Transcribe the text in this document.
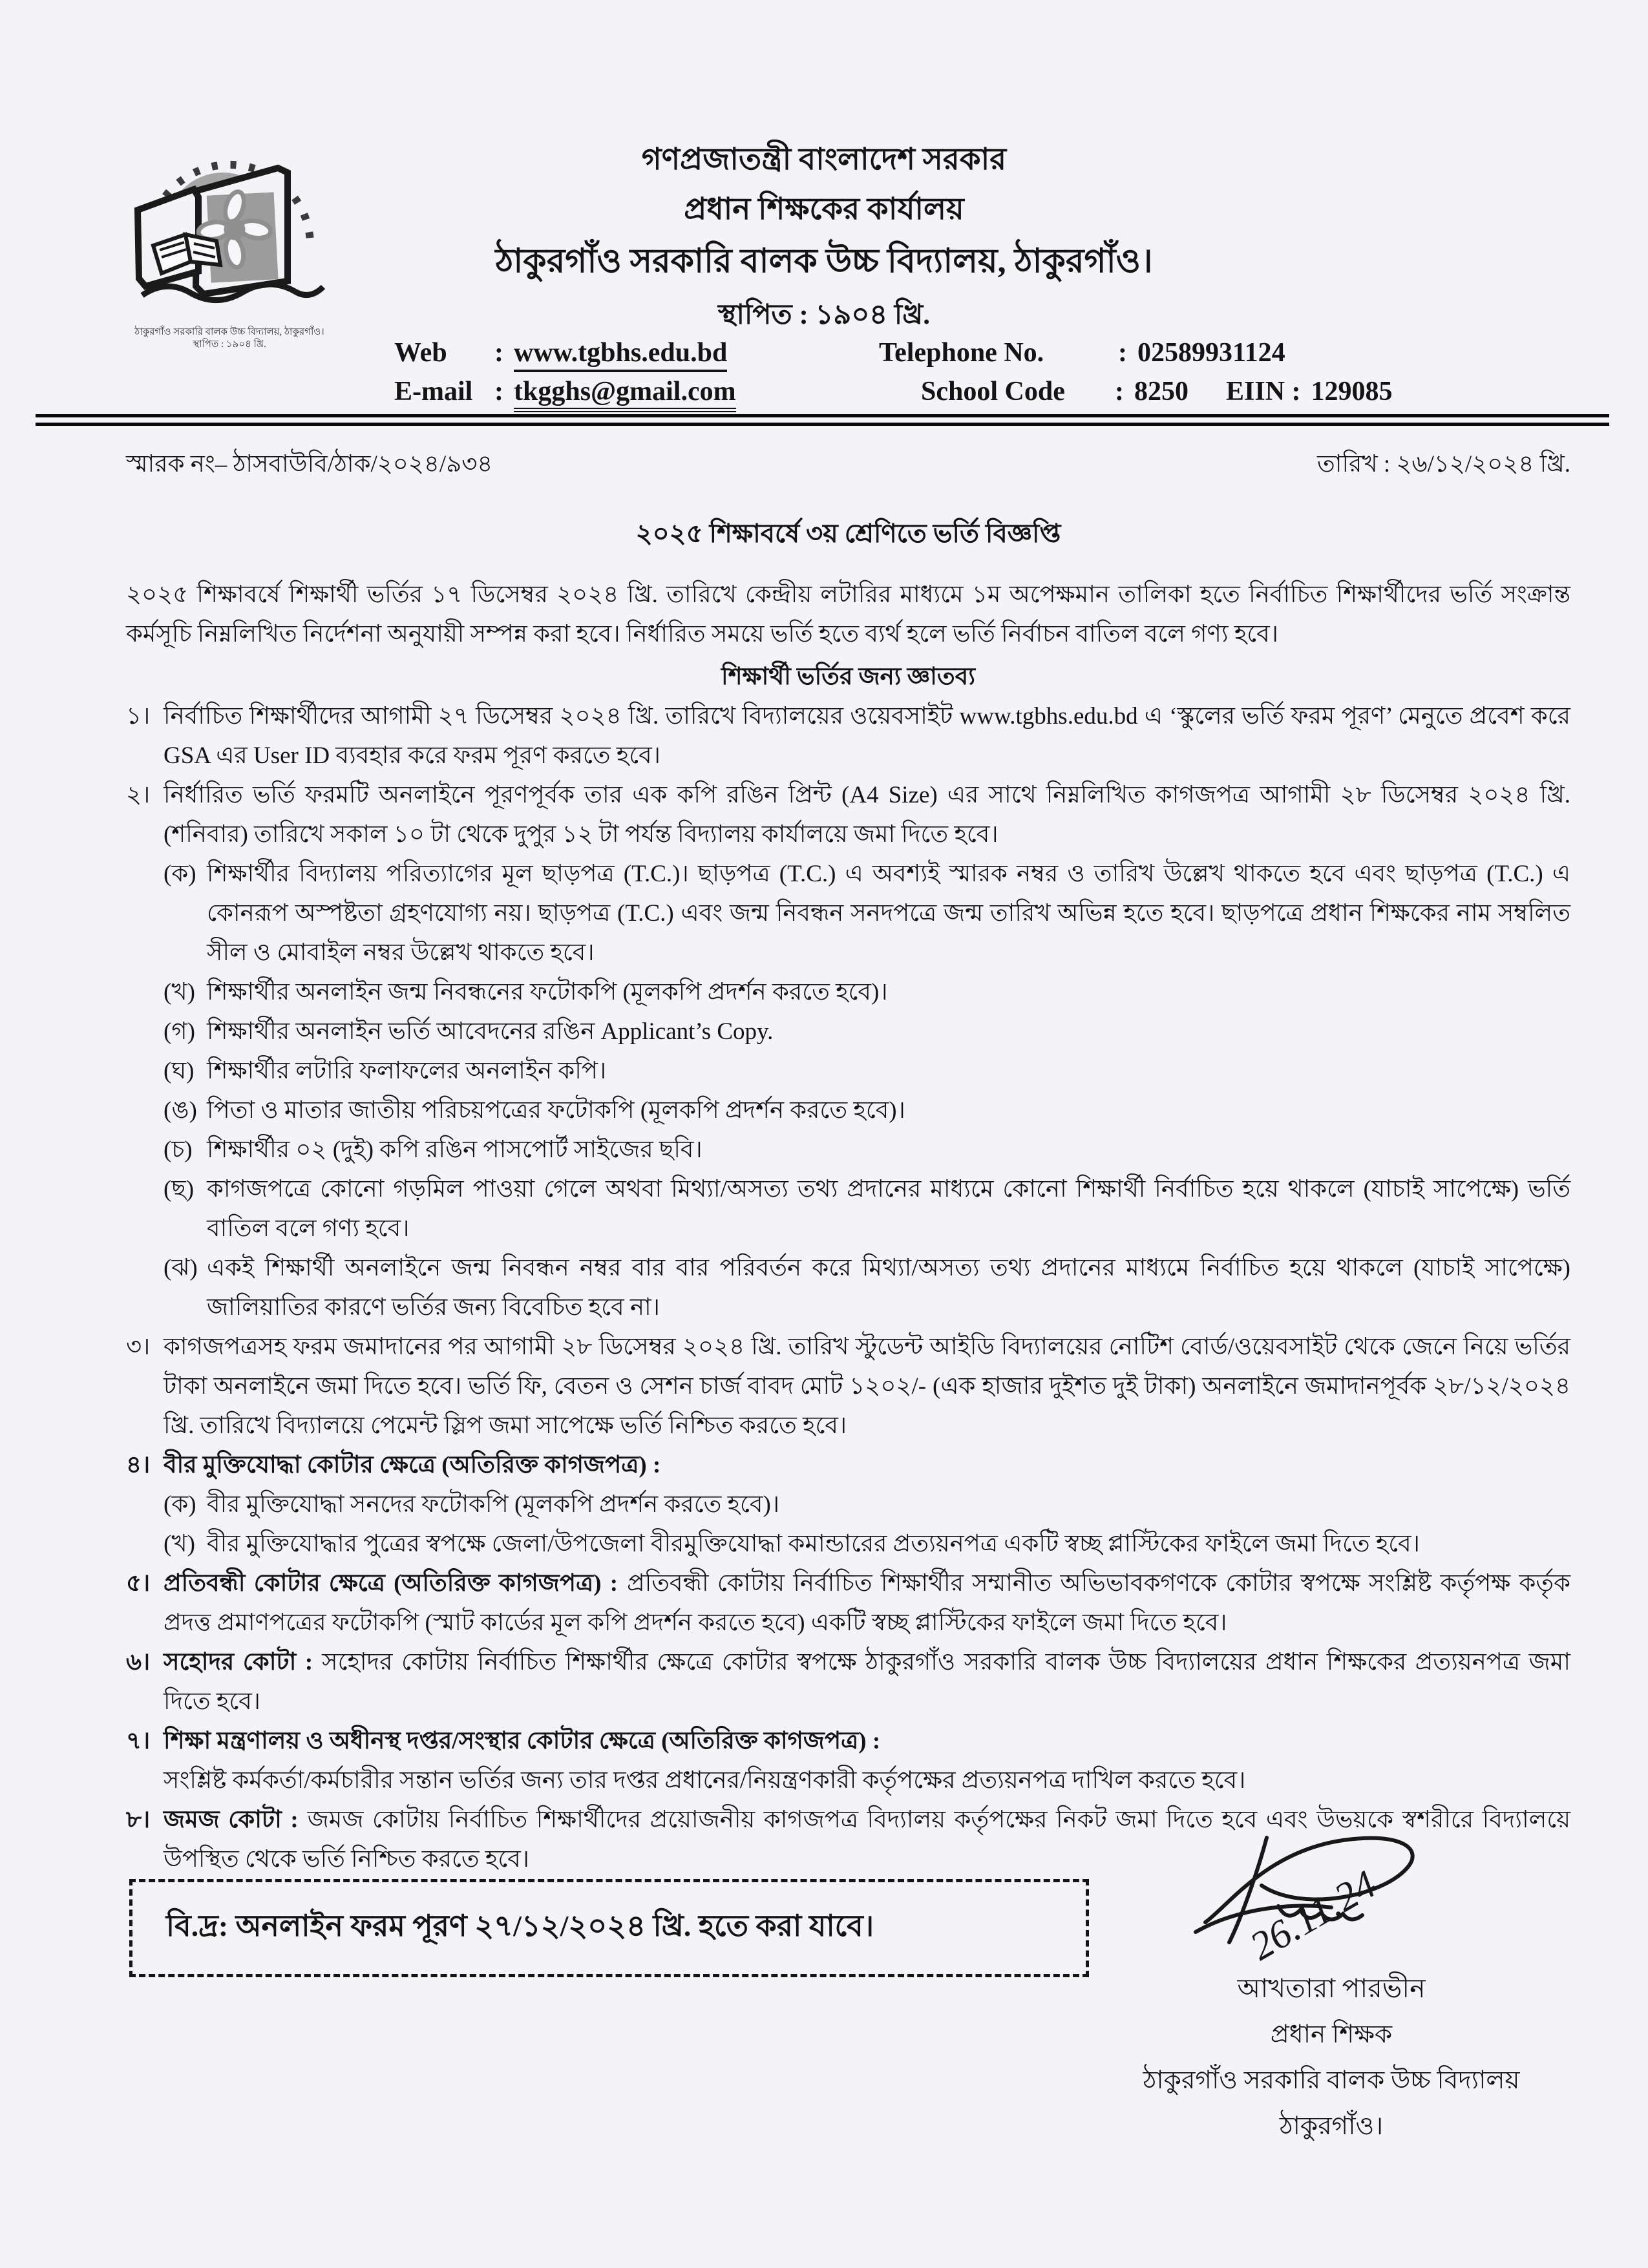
ঠাকুরগাঁও সরকারি বালক উচ্চ বিদ্যালয়, ঠাকুরগাঁও।
স্থাপিত : ১৯০৪ খ্রি.
গণপ্রজাতন্ত্রী বাংলাদেশ সরকার
প্রধান শিক্ষকের কার্যালয়
ঠাকুরগাঁও সরকারি বালক উচ্চ বিদ্যালয়, ঠাকুরগাঁও।
স্থাপিত : ১৯০৪ খ্রি.
Web : www.tgbhs.edu.bd	Telephone No.	: 02589931124
E-mail : tkgghs@gmail.com	School Code : 8250 EIIN : 129085
স্মারক নং– ঠাসবাউবি/ঠাক/২০২৪/৯৩৪	তারিখ : ২৬/১২/২০২৪ খ্রি.
২০২৫ শিক্ষাবর্ষে ৩য় শ্রেণিতে ভর্তি বিজ্ঞপ্তি
২০২৫ শিক্ষাবর্ষে শিক্ষার্থী ভর্তির ১৭ ডিসেম্বর ২০২৪ খ্রি. তারিখে কেন্দ্রীয় লটারির মাধ্যমে ১ম অপেক্ষমান তালিকা হতে নির্বাচিত শিক্ষার্থীদের ভর্তি সংক্রান্ত কর্মসূচি নিম্নলিখিত নির্দেশনা অনুযায়ী সম্পন্ন করা হবে। নির্ধারিত সময়ে ভর্তি হতে ব্যর্থ হলে ভর্তি নির্বাচন বাতিল বলে গণ্য হবে।
শিক্ষার্থী ভর্তির জন্য জ্ঞাতব্য
১। নির্বাচিত শিক্ষার্থীদের আগামী ২৭ ডিসেম্বর ২০২৪ খ্রি. তারিখে বিদ্যালয়ের ওয়েবসাইট www.tgbhs.edu.bd এ ‘স্কুলের ভর্তি ফরম পূরণ’ মেনুতে প্রবেশ করে GSA এর User ID ব্যবহার করে ফরম পূরণ করতে হবে।
২। নির্ধারিত ভর্তি ফরমটি অনলাইনে পূরণপূর্বক তার এক কপি রঙিন প্রিন্ট (A4 Size) এর সাথে নিম্নলিখিত কাগজপত্র আগামী ২৮ ডিসেম্বর ২০২৪ খ্রি. (শনিবার) তারিখে সকাল ১০ টা থেকে দুপুর ১২ টা পর্যন্ত বিদ্যালয় কার্যালয়ে জমা দিতে হবে।
(ক) শিক্ষার্থীর বিদ্যালয় পরিত্যাগের মূল ছাড়পত্র (T.C.)। ছাড়পত্র (T.C.) এ অবশ্যই স্মারক নম্বর ও তারিখ উল্লেখ থাকতে হবে এবং ছাড়পত্র (T.C.) এ কোনরূপ অস্পষ্টতা গ্রহণযোগ্য নয়। ছাড়পত্র (T.C.) এবং জন্ম নিবন্ধন সনদপত্রে জন্ম তারিখ অভিন্ন হতে হবে। ছাড়পত্রে প্রধান শিক্ষকের নাম সম্বলিত সীল ও মোবাইল নম্বর উল্লেখ থাকতে হবে।
(খ) শিক্ষার্থীর অনলাইন জন্ম নিবন্ধনের ফটোকপি (মূলকপি প্রদর্শন করতে হবে)।
(গ) শিক্ষার্থীর অনলাইন ভর্তি আবেদনের রঙিন Applicant’s Copy.
(ঘ) শিক্ষার্থীর লটারি ফলাফলের অনলাইন কপি।
(ঙ) পিতা ও মাতার জাতীয় পরিচয়পত্রের ফটোকপি (মূলকপি প্রদর্শন করতে হবে)।
(চ) শিক্ষার্থীর ০২ (দুই) কপি রঙিন পাসপোর্ট সাইজের ছবি।
(ছ) কাগজপত্রে কোনো গড়মিল পাওয়া গেলে অথবা মিথ্যা/অসত্য তথ্য প্রদানের মাধ্যমে কোনো শিক্ষার্থী নির্বাচিত হয়ে থাকলে (যাচাই সাপেক্ষে) ভর্তি বাতিল বলে গণ্য হবে।
(ঝ) একই শিক্ষার্থী অনলাইনে জন্ম নিবন্ধন নম্বর বার বার পরিবর্তন করে মিথ্যা/অসত্য তথ্য প্রদানের মাধ্যমে নির্বাচিত হয়ে থাকলে (যাচাই সাপেক্ষে) জালিয়াতির কারণে ভর্তির জন্য বিবেচিত হবে না।
৩। কাগজপত্রসহ ফরম জমাদানের পর আগামী ২৮ ডিসেম্বর ২০২৪ খ্রি. তারিখ স্টুডেন্ট আইডি বিদ্যালয়ের নোটিশ বোর্ড/ওয়েবসাইট থেকে জেনে নিয়ে ভর্তির টাকা অনলাইনে জমা দিতে হবে। ভর্তি ফি, বেতন ও সেশন চার্জ বাবদ মোট ১২০২/- (এক হাজার দুইশত দুই টাকা) অনলাইনে জমাদানপূর্বক ২৮/১২/২০২৪ খ্রি. তারিখে বিদ্যালয়ে পেমেন্ট স্লিপ জমা সাপেক্ষে ভর্তি নিশ্চিত করতে হবে।
৪। বীর মুক্তিযোদ্ধা কোটার ক্ষেত্রে (অতিরিক্ত কাগজপত্র) :
(ক) বীর মুক্তিযোদ্ধা সনদের ফটোকপি (মূলকপি প্রদর্শন করতে হবে)।
(খ) বীর মুক্তিযোদ্ধার পুত্রের স্বপক্ষে জেলা/উপজেলা বীরমুক্তিযোদ্ধা কমান্ডারের প্রত্যয়নপত্র একটি স্বচ্ছ প্লাস্টিকের ফাইলে জমা দিতে হবে।
৫। প্রতিবন্ধী কোটার ক্ষেত্রে (অতিরিক্ত কাগজপত্র) : প্রতিবন্ধী কোটায় নির্বাচিত শিক্ষার্থীর সম্মানীত অভিভাবকগণকে কোটার স্বপক্ষে সংশ্লিষ্ট কর্তৃপক্ষ কর্তৃক প্রদত্ত প্রমাণপত্রের ফটোকপি (স্মাট কার্ডের মূল কপি প্রদর্শন করতে হবে) একটি স্বচ্ছ প্লাস্টিকের ফাইলে জমা দিতে হবে।
৬। সহোদর কোটা : সহোদর কোটায় নির্বাচিত শিক্ষার্থীর ক্ষেত্রে কোটার স্বপক্ষে ঠাকুরগাঁও সরকারি বালক উচ্চ বিদ্যালয়ের প্রধান শিক্ষকের প্রত্যয়নপত্র জমা দিতে হবে।
৭। শিক্ষা মন্ত্রণালয় ও অধীনস্থ দপ্তর/সংস্থার কোটার ক্ষেত্রে (অতিরিক্ত কাগজপত্র) :
সংশ্লিষ্ট কর্মকর্তা/কর্মচারীর সন্তান ভর্তির জন্য তার দপ্তর প্রধানের/নিয়ন্ত্রণকারী কর্তৃপক্ষের প্রত্যয়নপত্র দাখিল করতে হবে।
৮। জমজ কোটা : জমজ কোটায় নির্বাচিত শিক্ষার্থীদের প্রয়োজনীয় কাগজপত্র বিদ্যালয় কর্তৃপক্ষের নিকট জমা দিতে হবে এবং উভয়কে স্বশরীরে বিদ্যালয়ে উপস্থিত থেকে ভর্তি নিশ্চিত করতে হবে।
বি.দ্র: অনলাইন ফরম পূরণ ২৭/১২/২০২৪ খ্রি. হতে করা যাবে।	26.11.24
আখতারা পারভীন
প্রধান শিক্ষক
ঠাকুরগাঁও সরকারি বালক উচ্চ বিদ্যালয়
ঠাকুরগাঁও।
